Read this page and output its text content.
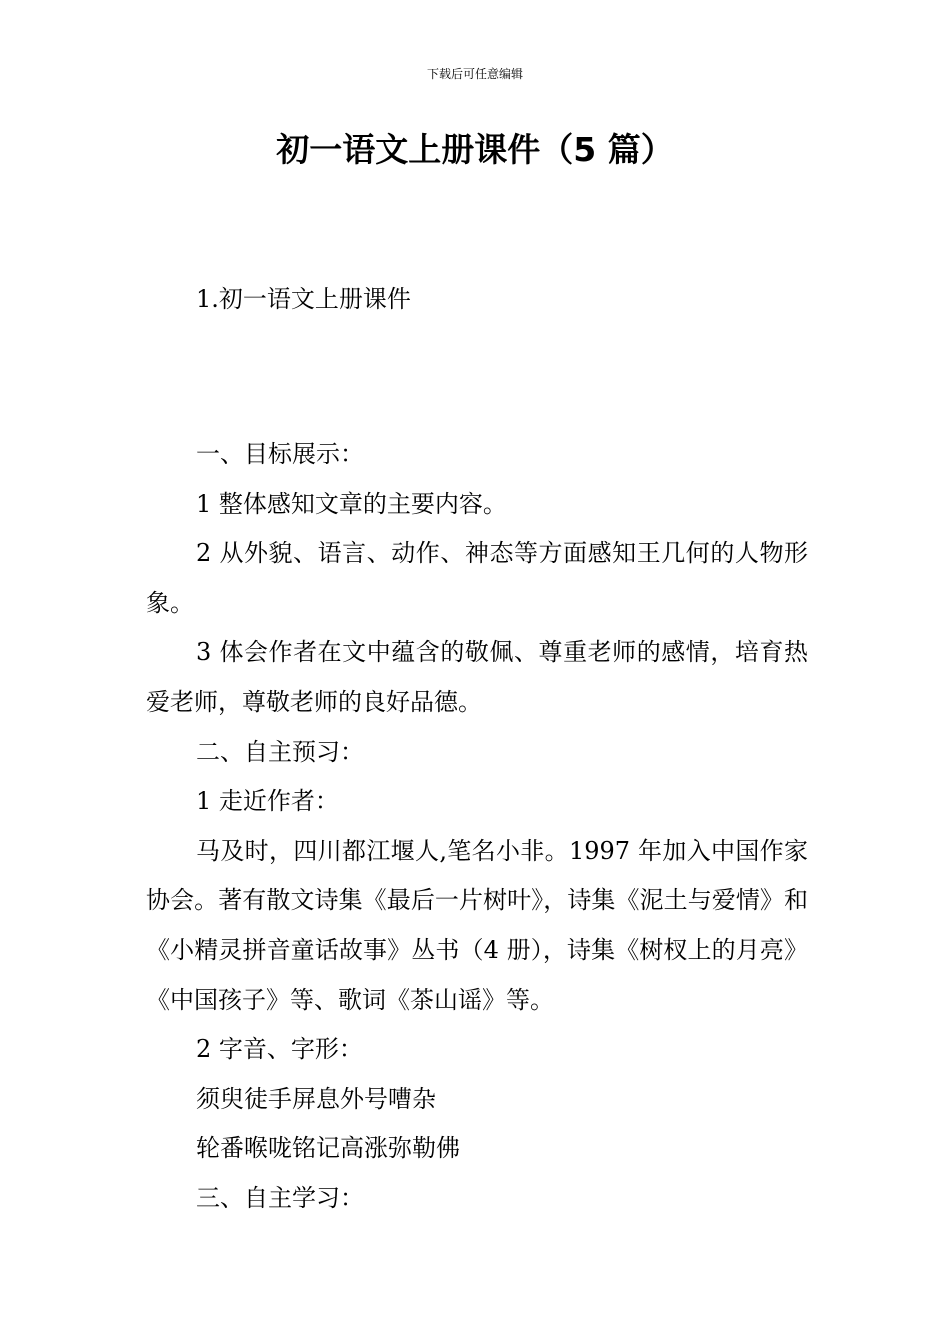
下载后可任意编辑
初一语文上册课件（5 篇）

1.初一语文上册课件

一、目标展示：

1 整体感知文章的主要内容。

2 从外貌、语言、动作、神态等方面感知王几何的人物形象。

3 体会作者在文中蕴含的敬佩、尊重老师的感情，培育热爱老师，尊敬老师的良好品德。

二、自主预习：

1 走近作者：

马及时，四川都江堰人,笔名小非。1997 年加入中国作家协会。著有散文诗集《最后一片树叶》，诗集《泥土与爱情》和《小精灵拼音童话故事》丛书（4 册），诗集《树杈上的月亮》《中国孩子》等、歌词《茶山谣》等。

2 字音、字形：

须臾徒手屏息外号嘈杂

轮番喉咙铭记高涨弥勒佛

三、自主学习：
